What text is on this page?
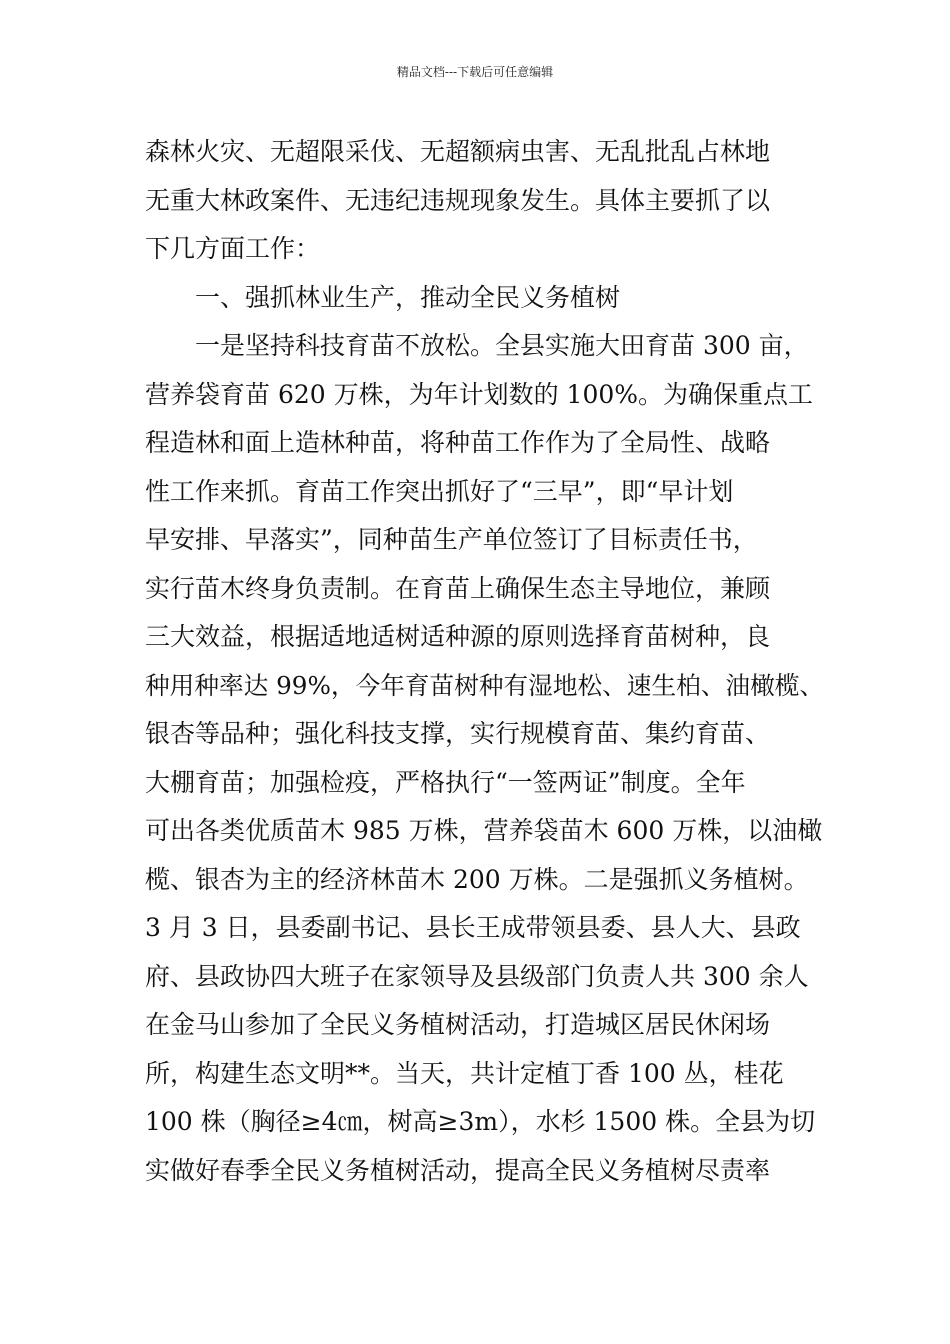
精品文档---下载后可任意编辑
森林火灾、无超限采伐、无超额病虫害、无乱批乱占林地
无重大林政案件、无违纪违规现象发生。具体主要抓了以
下几方面工作：
一、强抓林业生产，推动全民义务植树
一是坚持科技育苗不放松。全县实施大田育苗 300 亩，
营养袋育苗 620 万株，为年计划数的 100%。为确保重点工
程造林和面上造林种苗，将种苗工作作为了全局性、战略
性工作来抓。育苗工作突出抓好了“三早”，即“早计划
早安排、早落实”，同种苗生产单位签订了目标责任书，
实行苗木终身负责制。在育苗上确保生态主导地位，兼顾
三大效益，根据适地适树适种源的原则选择育苗树种，良
种用种率达 99%，今年育苗树种有湿地松、速生柏、油橄榄、
银杏等品种；强化科技支撑，实行规模育苗、集约育苗、
大棚育苗；加强检疫，严格执行“一签两证”制度。全年
可出各类优质苗木 985 万株，营养袋苗木 600 万株，以油橄
榄、银杏为主的经济林苗木 200 万株。二是强抓义务植树。
3 月 3 日，县委副书记、县长王成带领县委、县人大、县政
府、县政协四大班子在家领导及县级部门负责人共 300 余人
在金马山参加了全民义务植树活动，打造城区居民休闲场
所，构建生态文明**。当天，共计定植丁香 100 丛，桂花
100 株（胸径≥4㎝，树高≥3m），水杉 1500 株。全县为切
实做好春季全民义务植树活动，提高全民义务植树尽责率
